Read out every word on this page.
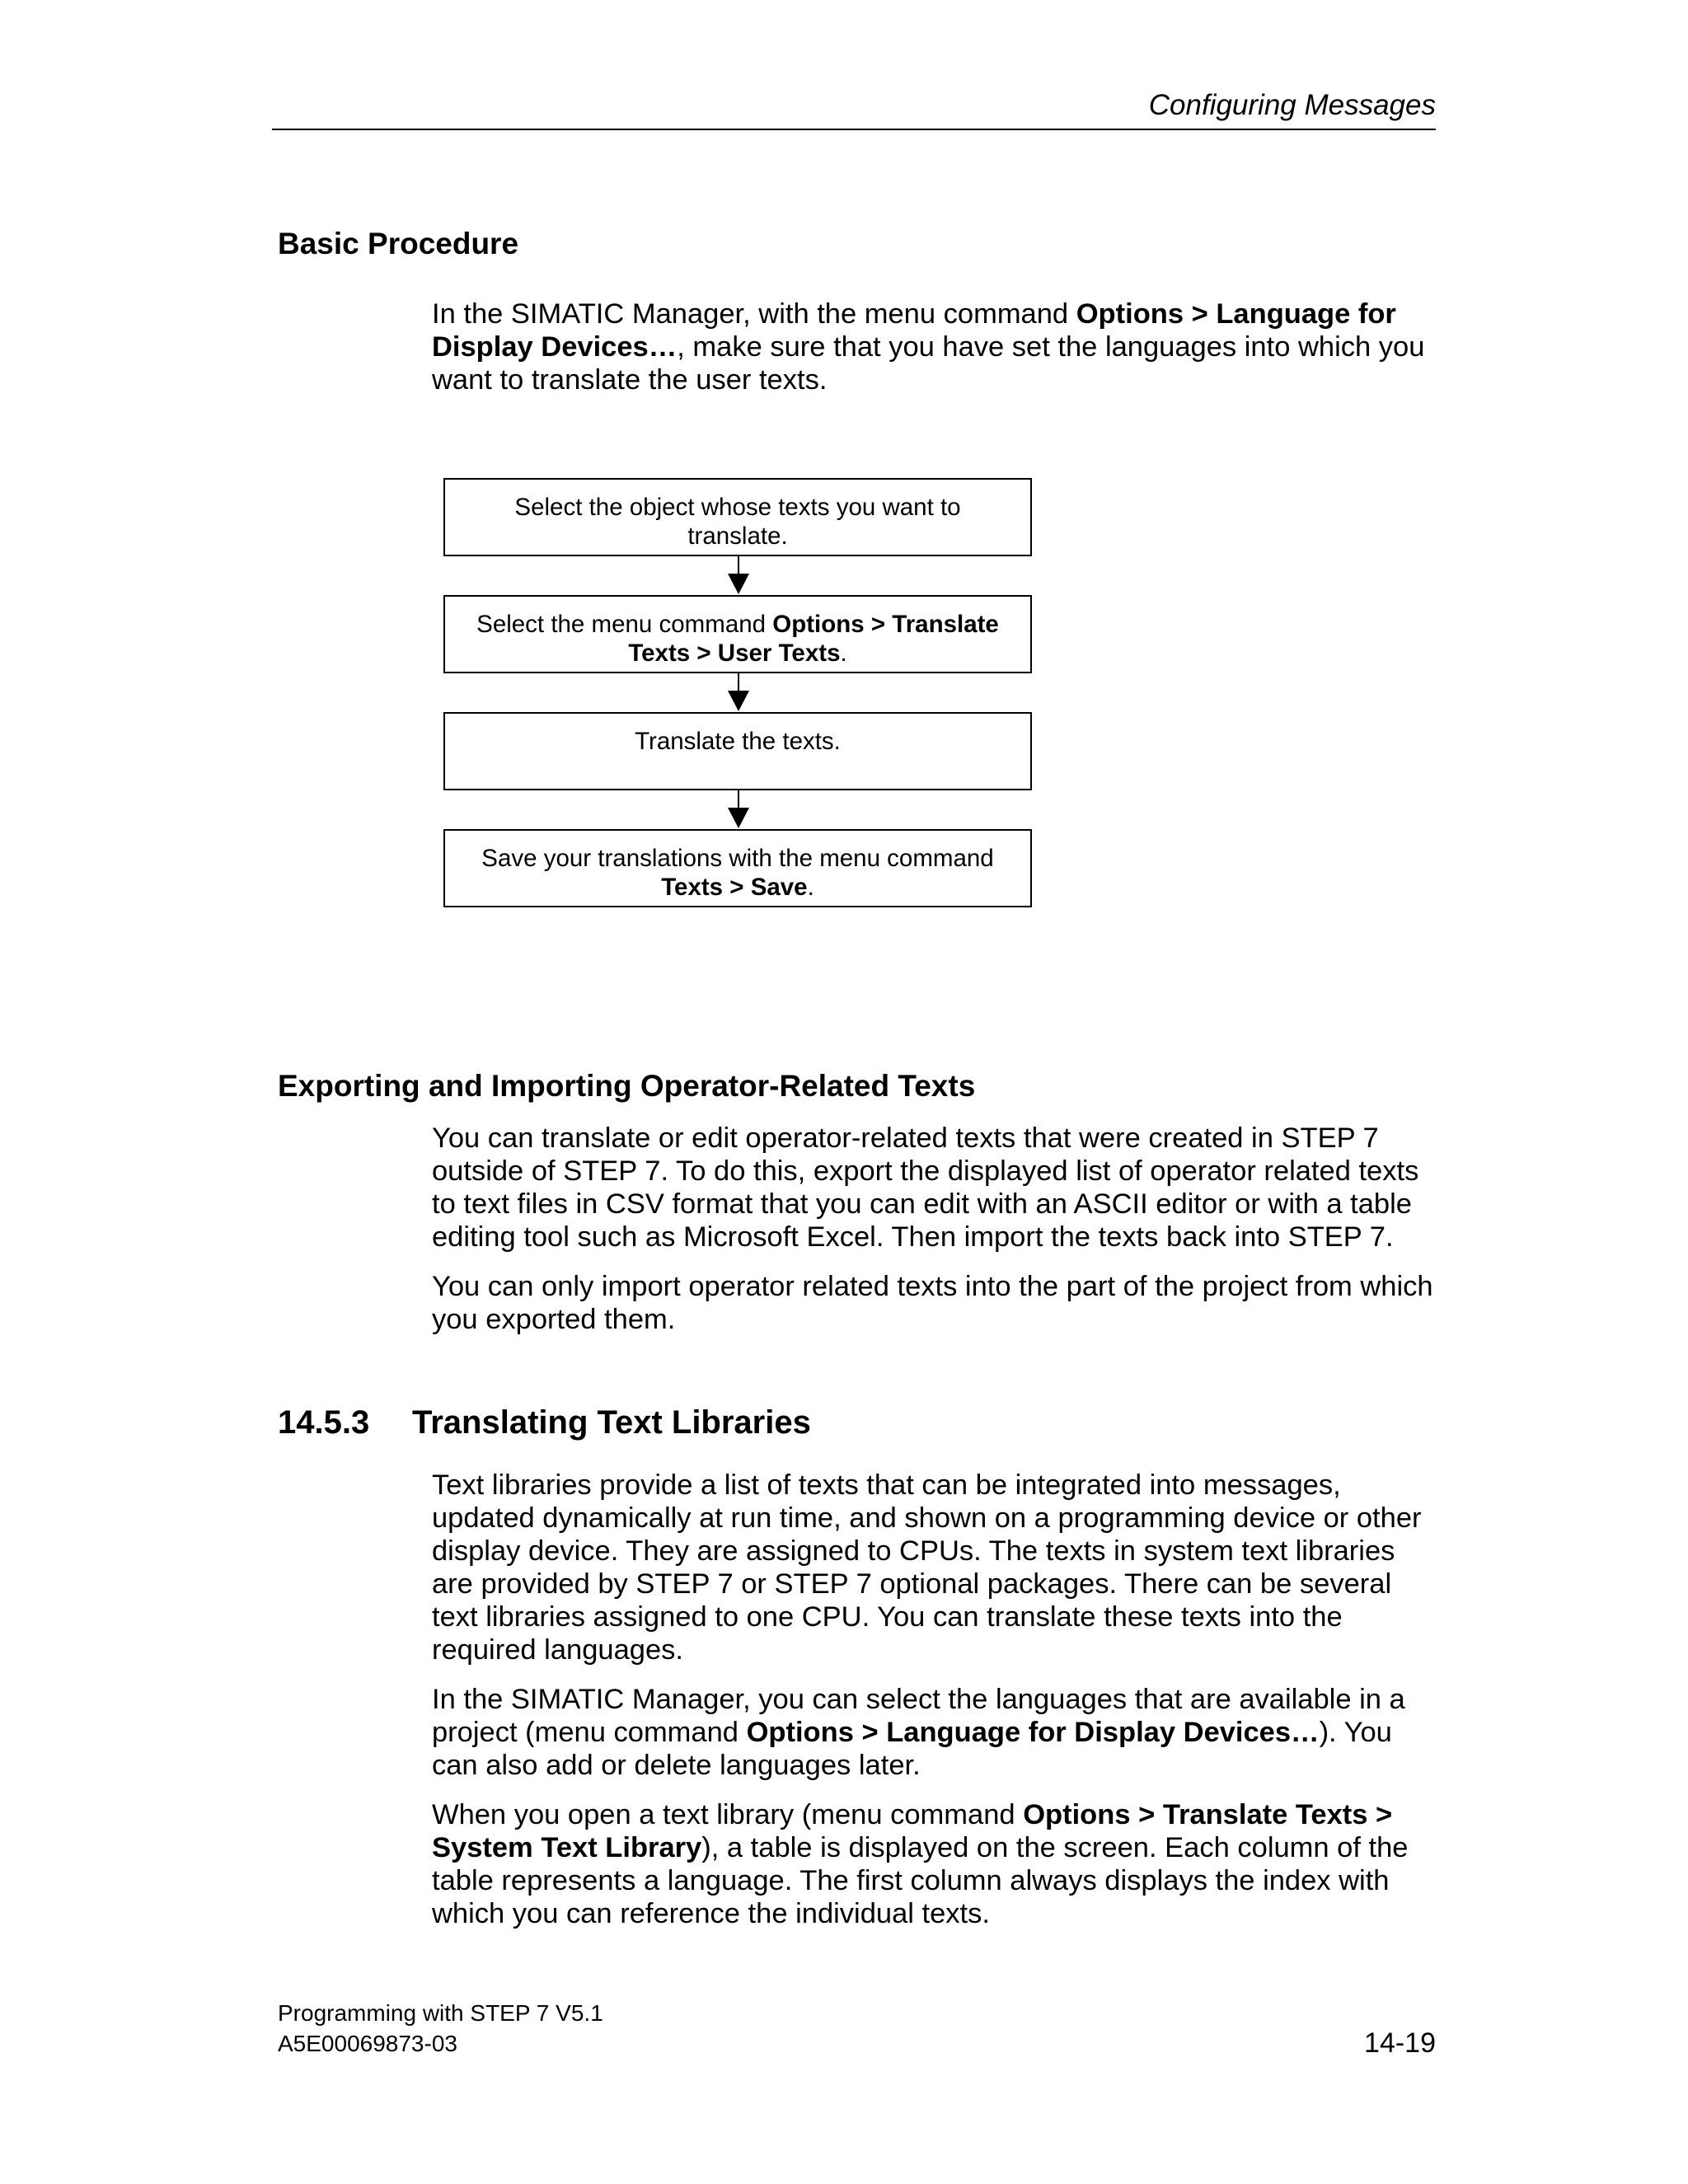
Configuring Messages
Basic Procedure

In the SIMATIC Manager, with the menu command Options > Language for Display Devices…, make sure that you have set the languages into which you want to translate the user texts.

Select the object whose texts you want to translate.
Select the menu command Options > Translate Texts > User Texts.
Translate the texts.
Save your translations with the menu command Texts > Save.
Exporting and Importing Operator-Related Texts

You can translate or edit operator-related texts that were created in STEP 7 outside of STEP 7. To do this, export the displayed list of operator related texts to text files in CSV format that you can edit with an ASCII editor or with a table editing tool such as Microsoft Excel. Then import the texts back into STEP 7.

You can only import operator related texts into the part of the project from which you exported them.

14.5.3 Translating Text Libraries

Text libraries provide a list of texts that can be integrated into messages, updated dynamically at run time, and shown on a programming device or other display device. They are assigned to CPUs. The texts in system text libraries are provided by STEP 7 or STEP 7 optional packages. There can be several text libraries assigned to one CPU. You can translate these texts into the required languages.

In the SIMATIC Manager, you can select the languages that are available in a project (menu command Options > Language for Display Devices…). You can also add or delete languages later.

When you open a text library (menu command Options > Translate Texts > System Text Library), a table is displayed on the screen. Each column of the table represents a language. The first column always displays the index with which you can reference the individual texts.

Programming with STEP 7 V5.1
A5E00069873-03	14-19
